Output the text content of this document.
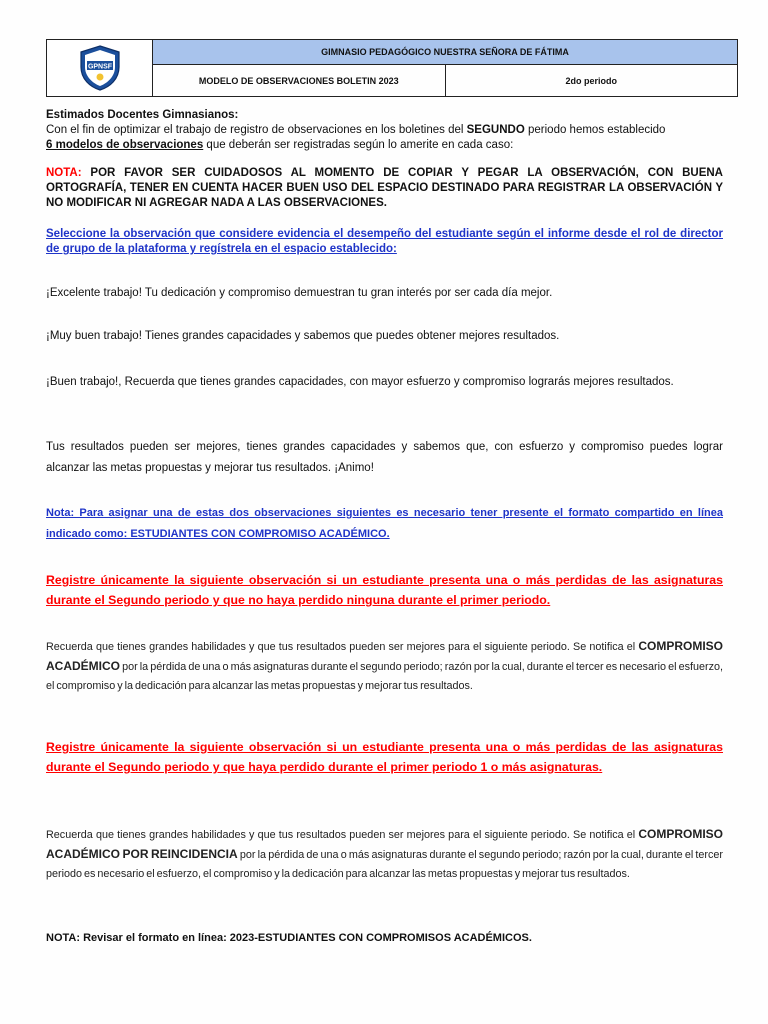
GPNSF	GIMNASIO PEDAGÓGICO NUESTRA SEÑORA DE FÁTIMA	
	MODELO DE OBSERVACIONES BOLETIN 2023	2do periodo
Estimados Docentes Gimnasianos:
Con el fin de optimizar el trabajo de registro de observaciones en los boletines del SEGUNDO periodo hemos establecido
6 modelos de observaciones que deberán ser registradas según lo amerite en cada caso:
NOTA: POR FAVOR SER CUIDADOSOS AL MOMENTO DE COPIAR Y PEGAR LA OBSERVACIÓN, CON BUENA ORTOGRAFÍA, TENER EN CUENTA HACER BUEN USO DEL ESPACIO DESTINADO PARA REGISTRAR LA OBSERVACIÓN Y NO MODIFICAR NI AGREGAR NADA A LAS OBSERVACIONES.
Seleccione la observación que considere evidencia el desempeño del estudiante según el informe desde el rol de director de grupo de la plataforma y regístrela en el espacio establecido:
¡Excelente trabajo! Tu dedicación y compromiso demuestran tu gran interés por ser cada día mejor.
¡Muy buen trabajo! Tienes grandes capacidades y sabemos que puedes obtener mejores resultados.
¡Buen trabajo!, Recuerda que tienes grandes capacidades, con mayor esfuerzo y compromiso lograrás mejores resultados.
Tus resultados pueden ser mejores, tienes grandes capacidades y sabemos que, con esfuerzo y compromiso puedes lograr alcanzar las metas propuestas y mejorar tus resultados. ¡Animo!
Nota: Para asignar una de estas dos observaciones siguientes es necesario tener presente el formato compartido en línea indicado como: ESTUDIANTES CON COMPROMISO ACADÉMICO.
Registre únicamente la siguiente observación si un estudiante presenta una o más perdidas de las asignaturas durante el Segundo periodo y que no haya perdido ninguna durante el primer periodo.
Recuerda que tienes grandes habilidades y que tus resultados pueden ser mejores para el siguiente periodo. Se notifica el COMPROMISO ACADÉMICO por la pérdida de una o más asignaturas durante el segundo periodo; razón por la cual, durante el tercer es necesario el esfuerzo, el compromiso y la dedicación para alcanzar las metas propuestas y mejorar tus resultados.
Registre únicamente la siguiente observación si un estudiante presenta una o más perdidas de las asignaturas durante el Segundo periodo y que haya perdido durante el primer periodo 1 o más asignaturas.
Recuerda que tienes grandes habilidades y que tus resultados pueden ser mejores para el siguiente periodo. Se notifica el COMPROMISO ACADÉMICO POR REINCIDENCIA por la pérdida de una o más asignaturas durante el segundo periodo; razón por la cual, durante el tercer periodo es necesario el esfuerzo, el compromiso y la dedicación para alcanzar las metas propuestas y mejorar tus resultados.
NOTA: Revisar el formato en línea: 2023-ESTUDIANTES CON COMPROMISOS ACADÉMICOS.
